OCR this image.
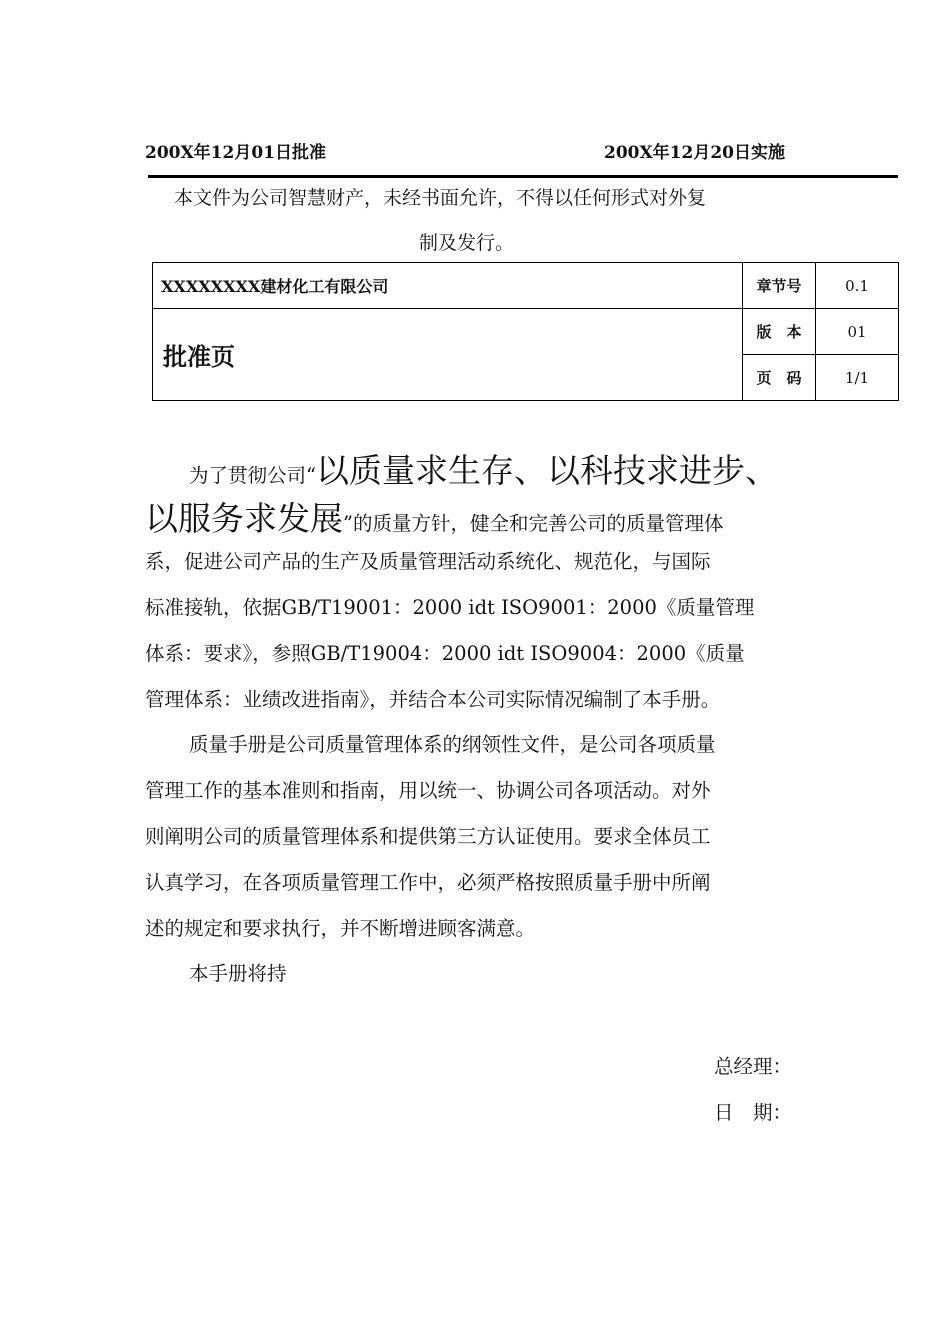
200X年12月01日批准	200X年12月20日实施
本文件为公司智慧财产，未经书面允许，不得以任何形式对外复
制及发行。
XXXXXXXX建材化工有限公司	章节号	0.1
批准页	版　本	01
	页　码	1/1
为了贯彻公司“以质量求生存、以科技求进步、
以服务求发展”的质量方针，健全和完善公司的质量管理体
系，促进公司产品的生产及质量管理活动系统化、规范化，与国际
标准接轨，依据GB/T19001：2000 idt ISO9001：2000《质量管理
体系：要求》，参照GB/T19004：2000 idt ISO9004：2000《质量
管理体系：业绩改进指南》，并结合本公司实际情况编制了本手册。
质量手册是公司质量管理体系的纲领性文件，是公司各项质量
管理工作的基本准则和指南，用以统一、协调公司各项活动。对外
则阐明公司的质量管理体系和提供第三方认证使用。要求全体员工
认真学习，在各项质量管理工作中，必须严格按照质量手册中所阐
述的规定和要求执行，并不断增进顾客满意。
本手册将持
总经理：
日　期：
